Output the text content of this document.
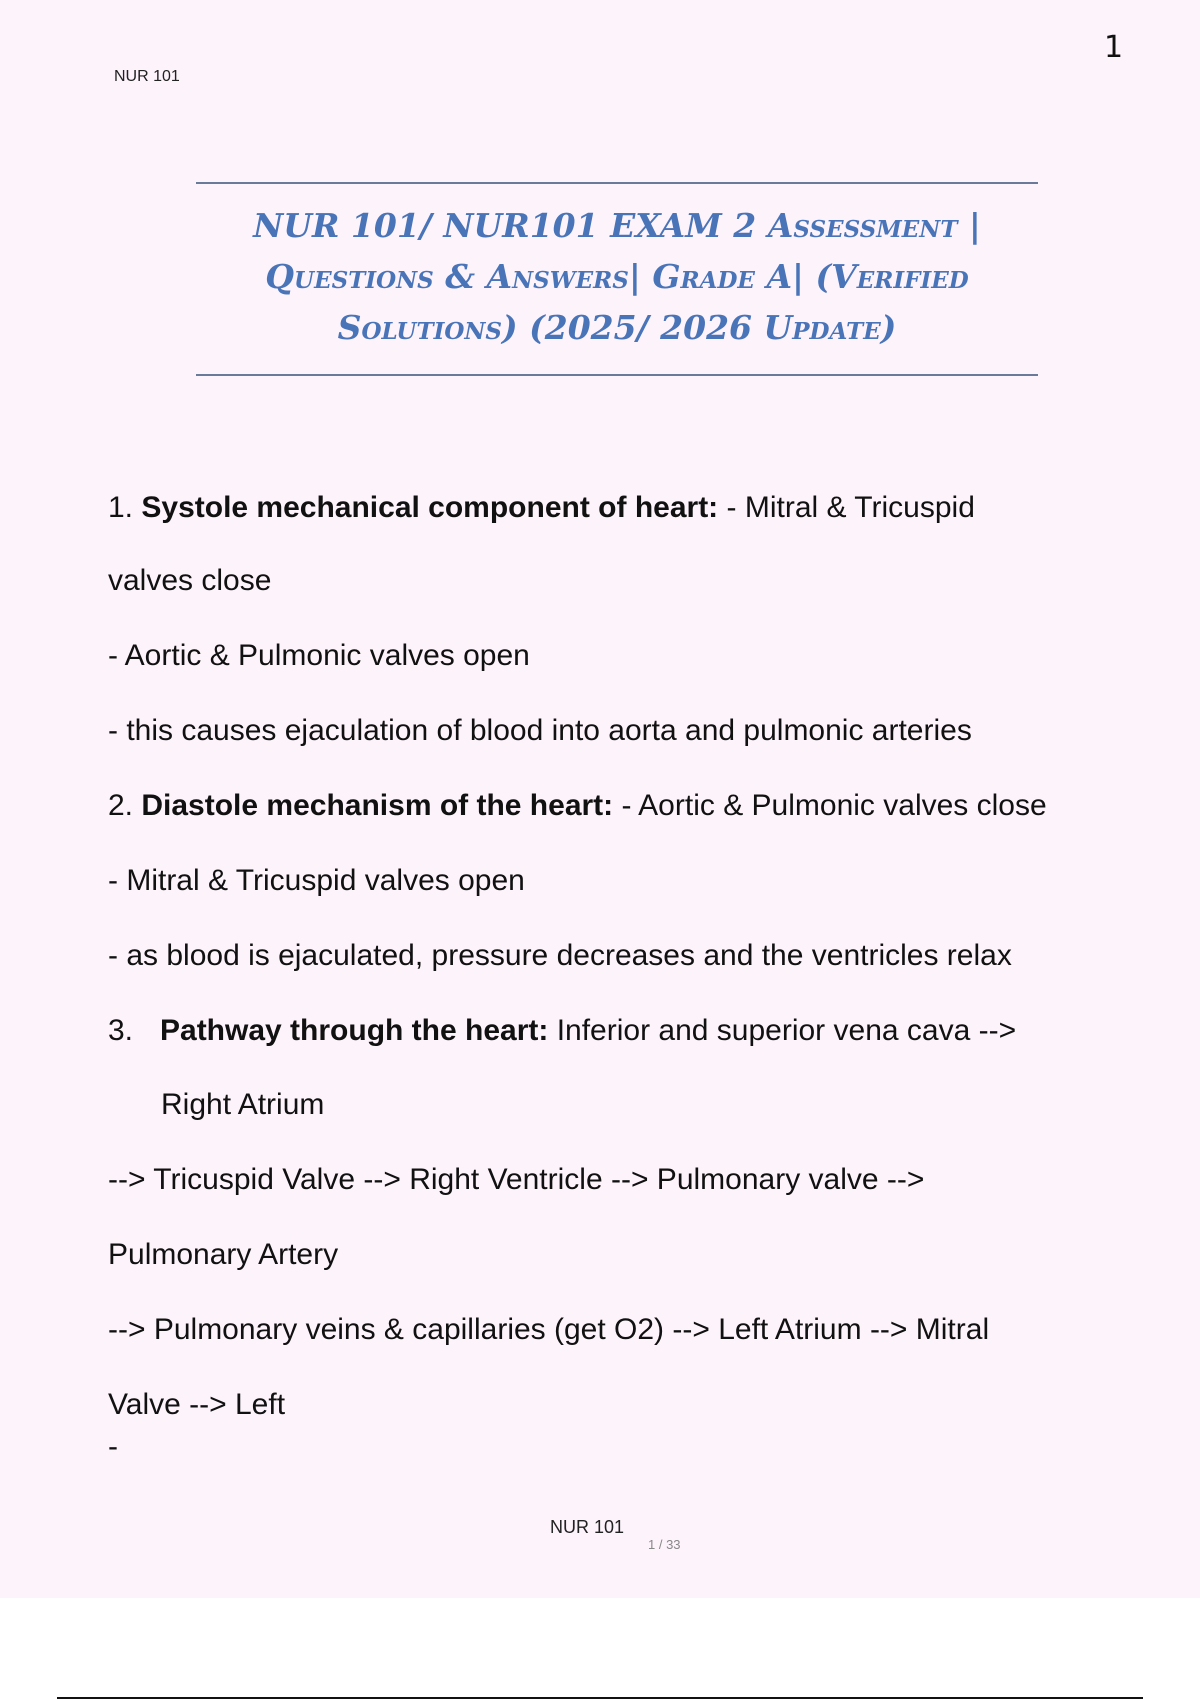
NUR 101
1
NUR 101/ NUR101 EXAM 2 Assessment |
Questions & Answers| Grade A| (Verified
Solutions) (2025/ 2026 Update)
1. Systole mechanical component of heart: - Mitral & Tricuspid
valves close
- Aortic & Pulmonic valves open
- this causes ejaculation of blood into aorta and pulmonic arteries
2. Diastole mechanism of the heart: - Aortic & Pulmonic valves close
- Mitral & Tricuspid valves open
- as blood is ejaculated, pressure decreases and the ventricles relax
3. Pathway through the heart: Inferior and superior vena cava -->
Right Atrium
--> Tricuspid Valve --> Right Ventricle --> Pulmonary valve -->
Pulmonary Artery
--> Pulmonary veins & capillaries (get O2) --> Left Atrium --> Mitral
Valve --> Left
-
NUR 101
1 / 33
